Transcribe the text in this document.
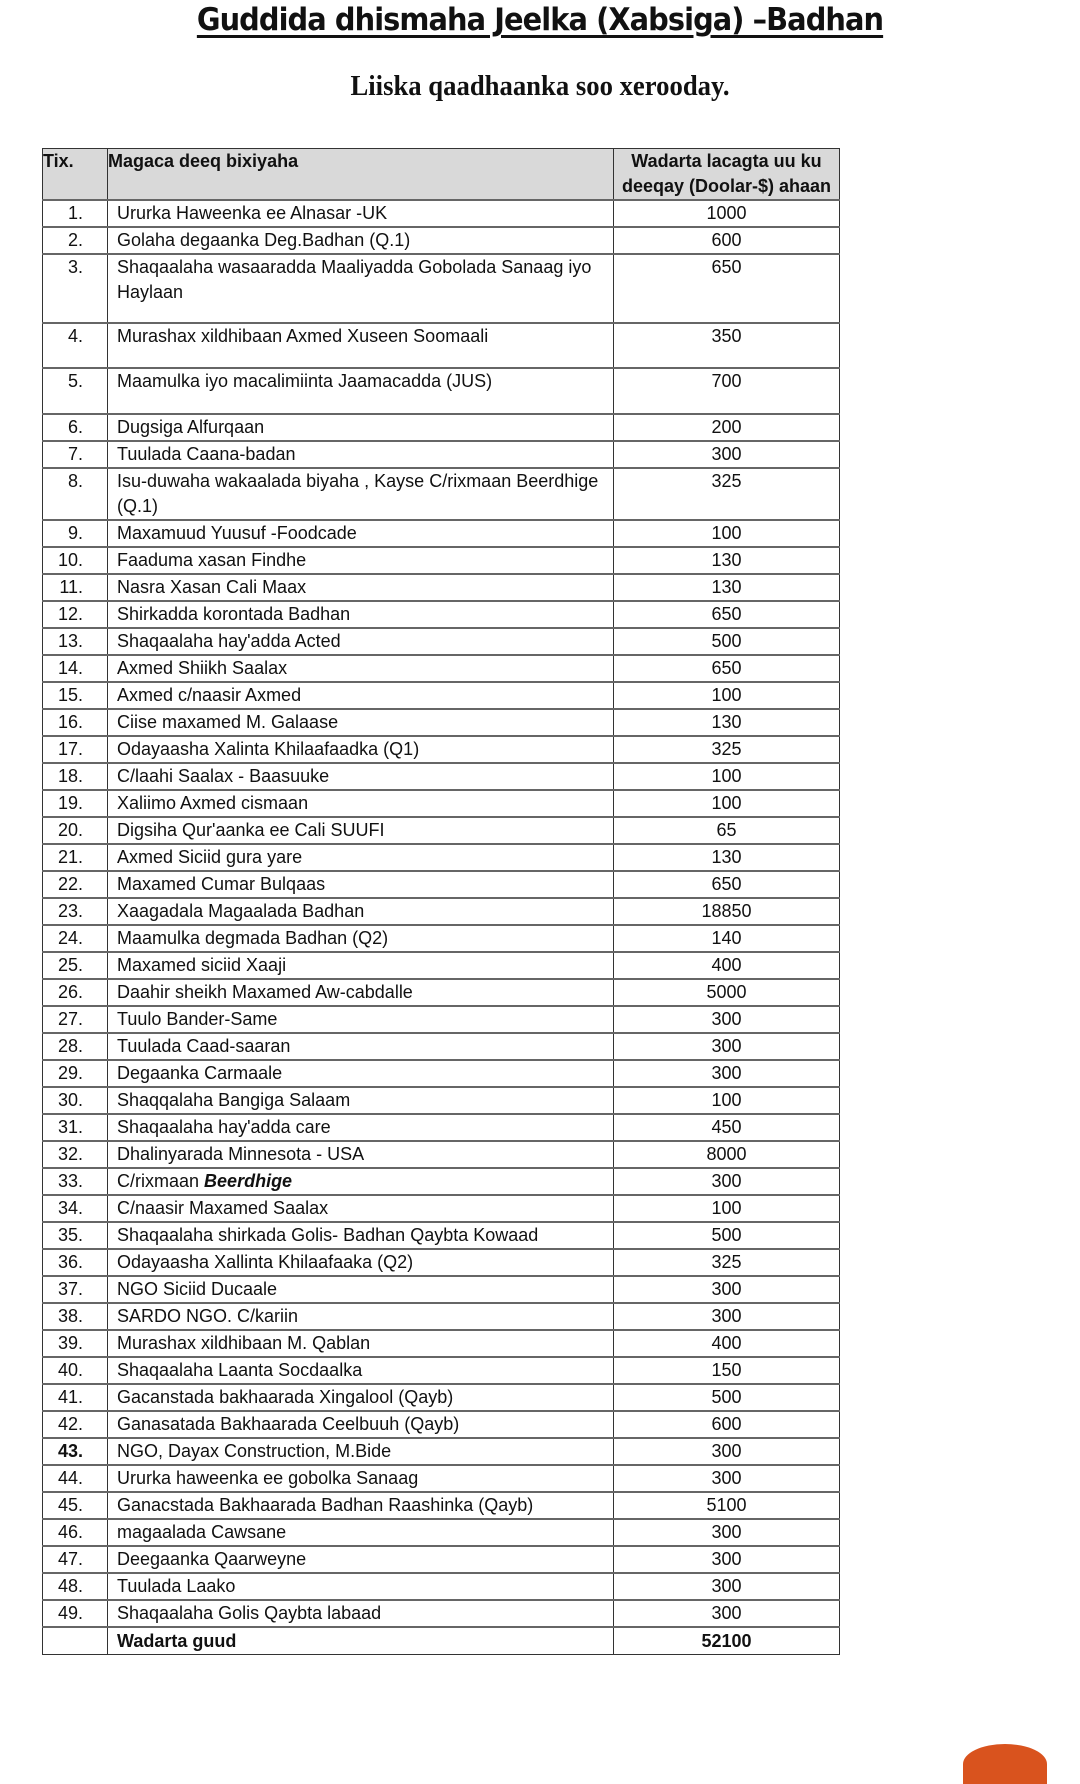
Guddida dhismaha Jeelka (Xabsiga) –Badhan
Liiska qaadhaanka soo xerooday.
Tix.	Magaca deeq bixiyaha	Wadarta lacagta uu ku deeqay (Doolar-$) ahaan
1.	Ururka Haweenka ee Alnasar -UK	1000
2.	Golaha degaanka Deg.Badhan (Q.1)	600
3.	Shaqaalaha wasaaradda Maaliyadda Gobolada Sanaag iyo Haylaan	650
4.	Murashax xildhibaan Axmed Xuseen Soomaali	350
5.	Maamulka iyo macalimiinta Jaamacadda (JUS)	700
6.	Dugsiga Alfurqaan	200
7.	Tuulada Caana-badan	300
8.	Isu-duwaha wakaalada biyaha , Kayse C/rixmaan Beerdhige (Q.1)	325
9.	Maxamuud Yuusuf -Foodcade	100
10.	Faaduma xasan Findhe	130
11.	Nasra Xasan Cali Maax	130
12.	Shirkadda korontada Badhan	650
13.	Shaqaalaha hay'adda Acted	500
14.	Axmed Shiikh Saalax	650
15.	Axmed c/naasir Axmed	100
16.	Ciise maxamed M. Galaase	130
17.	Odayaasha Xalinta Khilaafaadka (Q1)	325
18.	C/laahi Saalax - Baasuuke	100
19.	Xaliimo Axmed cismaan	100
20.	Digsiha Qur'aanka ee Cali SUUFI	65
21.	Axmed Siciid gura yare	130
22.	Maxamed Cumar Bulqaas	650
23.	Xaagadala Magaalada Badhan	18850
24.	Maamulka degmada Badhan (Q2)	140
25.	Maxamed siciid Xaaji	400
26.	Daahir sheikh Maxamed Aw-cabdalle	5000
27.	Tuulo Bander-Same	300
28.	Tuulada Caad-saaran	300
29.	Degaanka Carmaale	300
30.	Shaqqalaha Bangiga Salaam	100
31.	Shaqaalaha hay'adda care	450
32.	Dhalinyarada Minnesota - USA	8000
33.	C/rixmaan Beerdhige	300
34.	C/naasir Maxamed Saalax	100
35.	Shaqaalaha shirkada Golis- Badhan Qaybta Kowaad	500
36.	Odayaasha Xallinta Khilaafaaka (Q2)	325
37.	NGO Siciid Ducaale	300
38.	SARDO NGO. C/kariin	300
39.	Murashax xildhibaan M. Qablan	400
40.	Shaqaalaha Laanta Socdaalka	150
41.	Gacanstada bakhaarada Xingalool (Qayb)	500
42.	Ganasatada Bakhaarada Ceelbuuh (Qayb)	600
43.	NGO, Dayax Construction, M.Bide	300
44.	Ururka haweenka ee gobolka Sanaag	300
45.	Ganacstada Bakhaarada Badhan Raashinka (Qayb)	5100
46.	magaalada Cawsane	300
47.	Deegaanka Qaarweyne	300
48.	Tuulada Laako	300
49.	Shaqaalaha Golis Qaybta labaad	300
	Wadarta guud	52100
